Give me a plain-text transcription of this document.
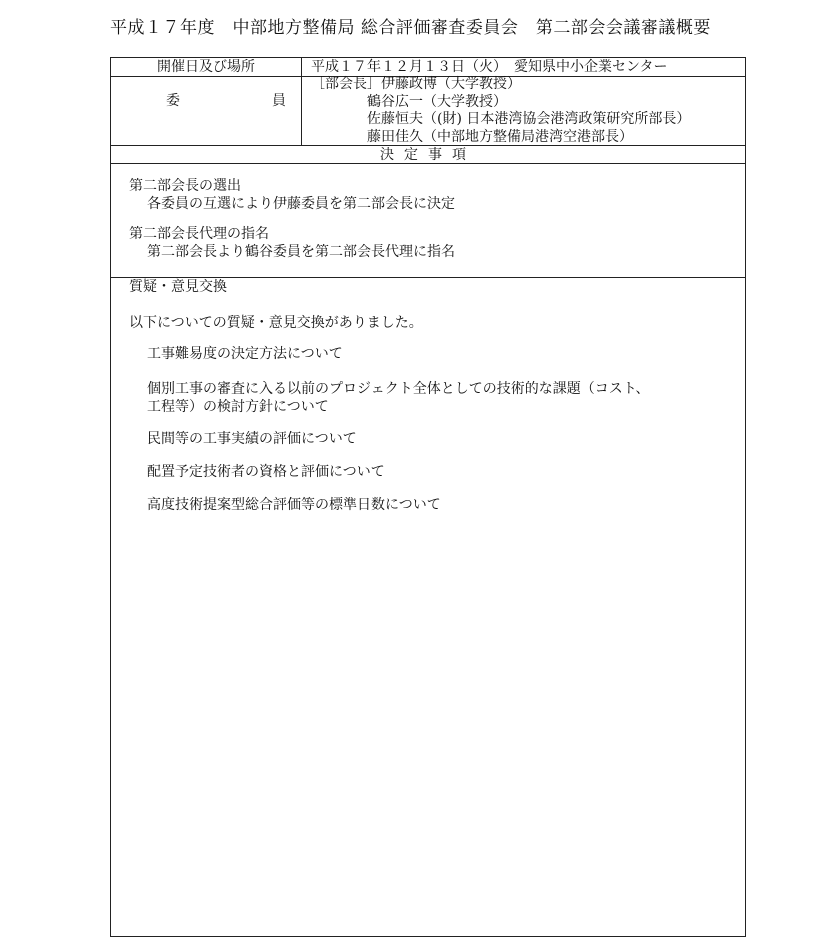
平成１７年度　中部地方整備局 総合評価審査委員会　第二部会会議審議概要
開催日及び場所	平成１７年１２月１３日（火）　愛知県中小企業センター
委	員
［部会長］伊藤政博（大学教授）
鶴谷広一（大学教授）
佐藤恒夫（(財) 日本港湾協会港湾政策研究所部長）
藤田佳久（中部地方整備局港湾空港部長）
決定事項
第二部会長の選出
各委員の互選により伊藤委員を第二部会長に決定
第二部会長代理の指名
第二部会長より鶴谷委員を第二部会長代理に指名
質疑・意見交換
以下についての質疑・意見交換がありました。
工事難易度の決定方法について
個別工事の審査に入る以前のプロジェクト全体としての技術的な課題（コスト、
工程等）の検討方針について
民間等の工事実績の評価について
配置予定技術者の資格と評価について
高度技術提案型総合評価等の標準日数について
